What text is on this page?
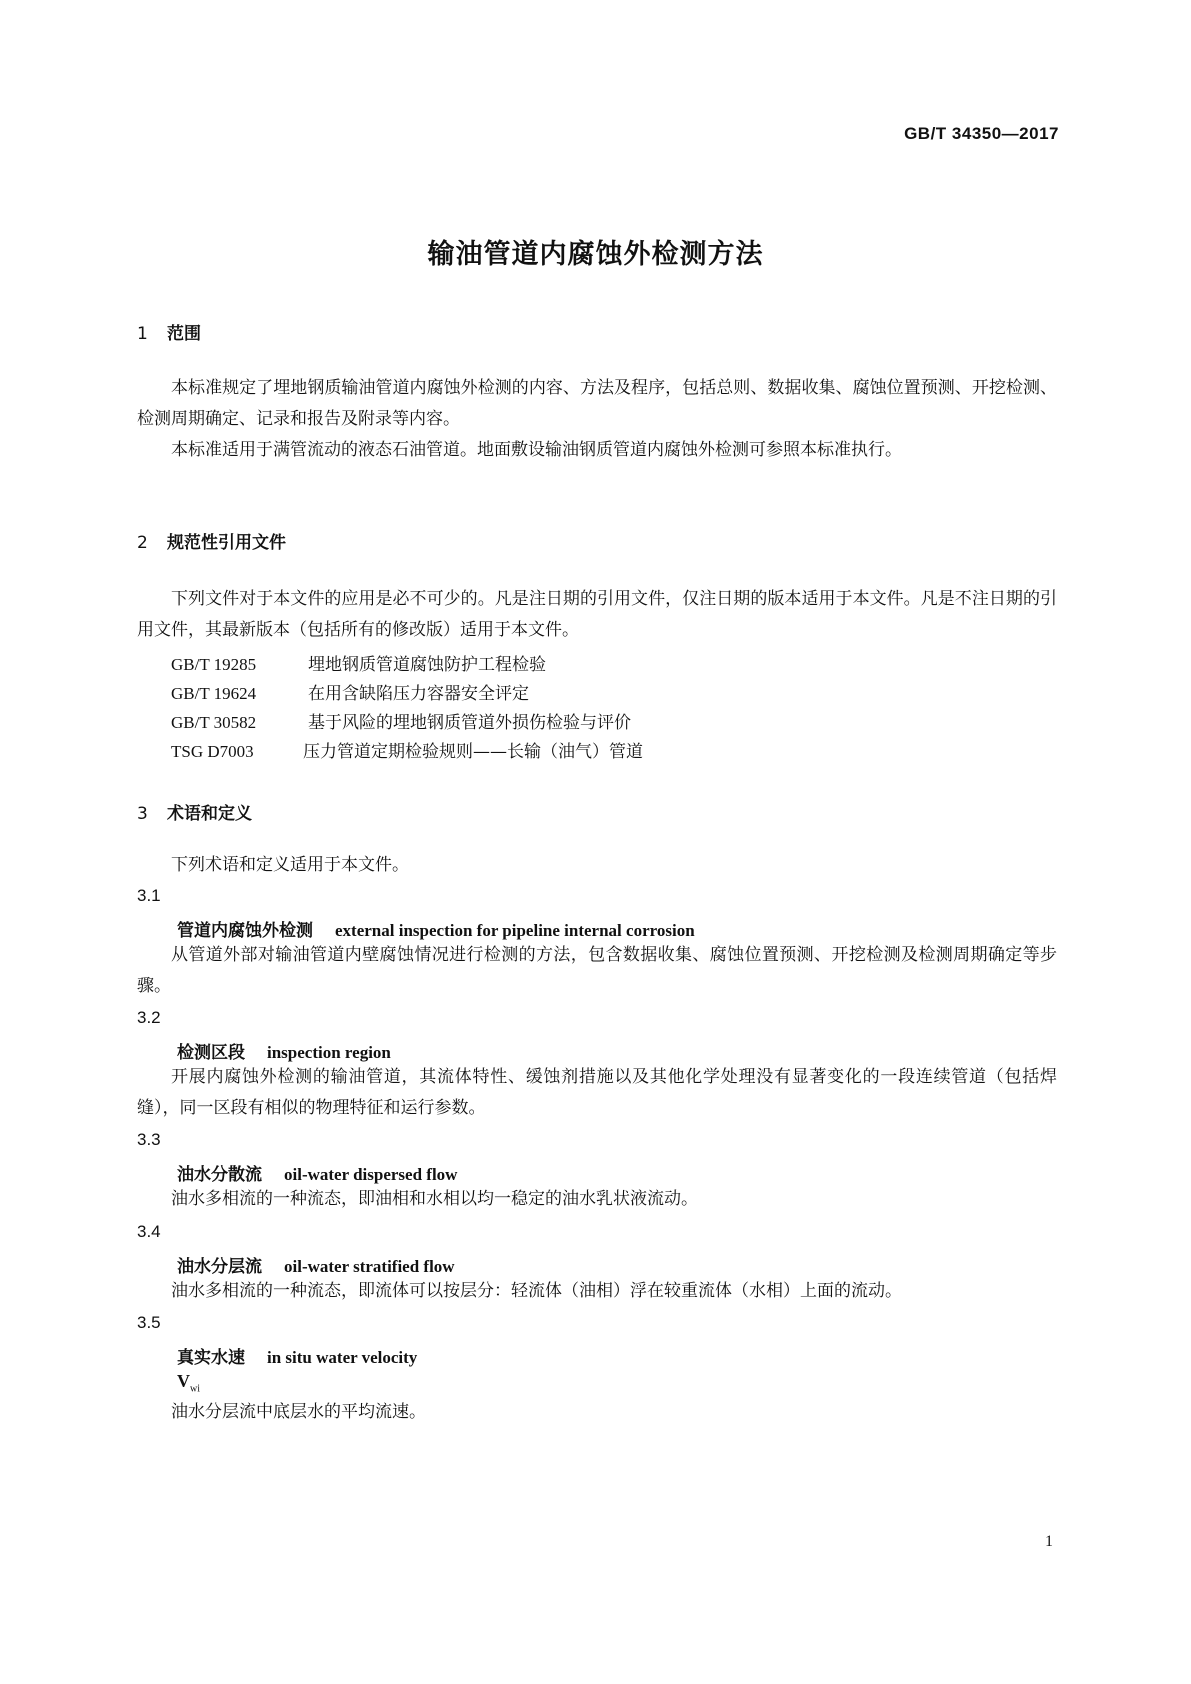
GB/T 34350—2017
输油管道内腐蚀外检测方法
1 范围

本标准规定了埋地钢质输油管道内腐蚀外检测的内容、方法及程序，包括总则、数据收集、腐蚀位置预测、开挖检测、检测周期确定、记录和报告及附录等内容。

本标准适用于满管流动的液态石油管道。地面敷设输油钢质管道内腐蚀外检测可参照本标准执行。

2 规范性引用文件

下列文件对于本文件的应用是必不可少的。凡是注日期的引用文件，仅注日期的版本适用于本文件。凡是不注日期的引用文件，其最新版本（包括所有的修改版）适用于本文件。

GB/T 19285	埋地钢质管道腐蚀防护工程检验
GB/T 19624	在用含缺陷压力容器安全评定
GB/T 30582	基于风险的埋地钢质管道外损伤检验与评价
TSG D7003	压力管道定期检验规则——长输（油气）管道
3 术语和定义

下列术语和定义适用于本文件。

3.1
管道内腐蚀外检测 external inspection for pipeline internal corrosion

从管道外部对输油管道内壁腐蚀情况进行检测的方法，包含数据收集、腐蚀位置预测、开挖检测及检测周期确定等步骤。

3.2
检测区段 inspection region

开展内腐蚀外检测的输油管道，其流体特性、缓蚀剂措施以及其他化学处理没有显著变化的一段连续管道（包括焊缝），同一区段有相似的物理特征和运行参数。

3.3
油水分散流 oil-water dispersed flow

油水多相流的一种流态，即油相和水相以均一稳定的油水乳状液流动。

3.4
油水分层流 oil-water stratified flow

油水多相流的一种流态，即流体可以按层分：轻流体（油相）浮在较重流体（水相）上面的流动。

3.5
真实水速 in situ water velocity
$V_{wi}$

油水分层流中底层水的平均流速。

1
